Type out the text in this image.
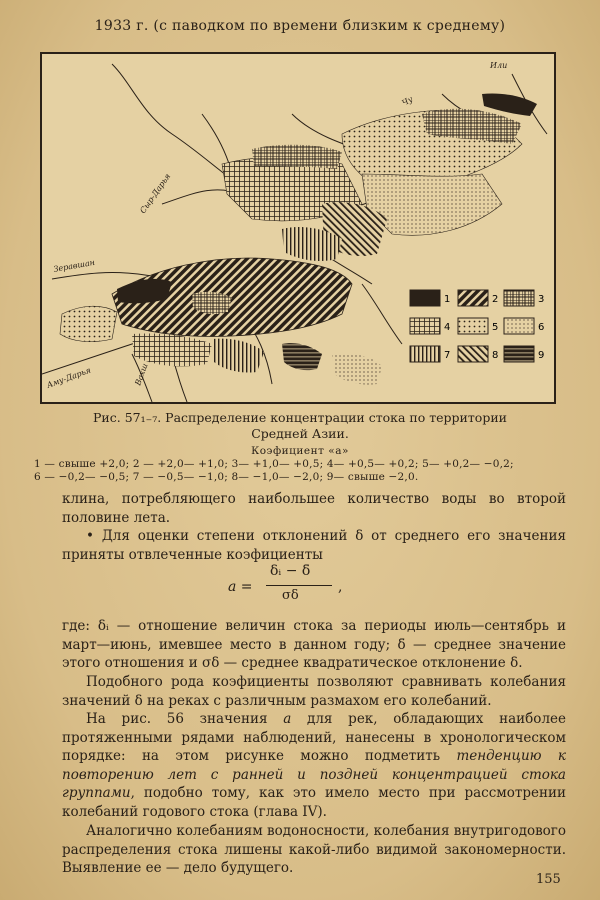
1933 г. (с паводком по времени близким к среднему)
Чу
Сыр-Дарья
Зеравшан
Аму-Дарья	Вахш
Или
1	2	3
4	5	6
7	8	9
Рис. 57₁₋₇. Распределение концентрации стока по территории
Средней Азии.
Коэфициент «а»
1 — свыше +2,0; 2 — +2,0— +1,0; 3— +1,0— +0,5; 4— +0,5— +0,2; 5— +0,2— −0,2;
6 — −0,2— −0,5; 7 — −0,5— −1,0; 8— −1,0— −2,0; 9— свыше −2,0.
клина, потребляющего наибольшее количество воды во второй половине лета.
• Для оценки степени отклонений δ от среднего его значения приняты отвлеченные коэфициенты
a =
δᵢ − δ̄
σδ
,
где: δᵢ — отношение величин стока за периоды июль—сентябрь и март—июнь, имевшее место в данном году; δ̄ — среднее значение этого отношения и σδ — среднее квадратическое отклонение δ.
Подобного рода коэфициенты позволяют сравнивать колебания значений δ на реках с различным размахом его колебаний.
На рис. 56 значения а для рек, обладающих наиболее протяженными рядами наблюдений, нанесены в хронологическом порядке: на этом рисунке можно подметить тенденцию к повторению лет с ранней и поздней концентрацией стока группами, подобно тому, как это имело место при рассмотрении колебаний годового стока (глава IV).
Аналогично колебаниям водоносности, колебания внутригодового распределения стока лишены какой-либо видимой закономерности. Выявление ее — дело будущего.
155
